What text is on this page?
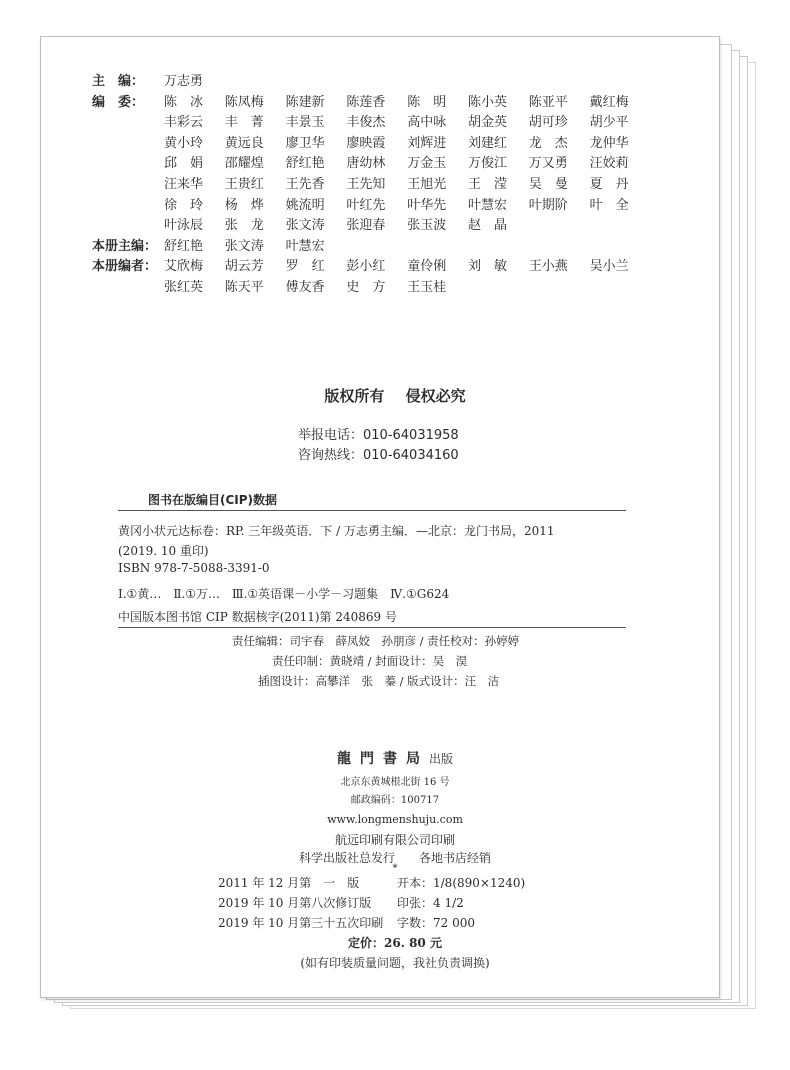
主　编： 万志勇
编　委： 陈　冰 陈凤梅 陈建新 陈莲香 陈　明 陈小英 陈亚平 戴红梅
丰彩云 丰　菁 丰景玉 丰俊杰 高中咏 胡金英 胡可珍 胡少平
黄小玲 黄远良 廖卫华 廖映霞 刘辉进 刘建红 龙　杰 龙仲华
邱　娟 邵耀煌 舒红艳 唐幼林 万金玉 万俊江 万又勇 汪姣莉
汪来华 王贵红 王先香 王先知 王旭光 王　滢 吴　曼 夏　丹
徐　玲 杨　烨 姚流明 叶红先 叶华先 叶慧宏 叶期阶 叶　全
叶泳辰 张　龙 张文涛 张迎春 张玉波 赵　晶
本册主编： 舒红艳 张文涛 叶慧宏
本册编者： 艾欣梅 胡云芳 罗　红 彭小红 童伶俐 刘　敏 王小燕 吴小兰
张红英 陈天平 傅友香 史　方 王玉桂
版权所有 侵权必究
举报电话：010-64031958
咨询热线：010-64034160
图书在版编目(CIP)数据
黄冈小状元达标卷：RP. 三年级英语．下 / 万志勇主编．—北京：龙门书局，2011
(2019. 10 重印)
ISBN 978-7-5088-3391-0
Ⅰ.①黄…　Ⅱ.①万…　Ⅲ.①英语课－小学－习题集　Ⅳ.①G624
中国版本图书馆 CIP 数据核字(2011)第 240869 号
责任编辑：司宇春　薛凤姣　孙朋彦 / 责任校对：孙婷婷
责任印制：黄晓靖 / 封面设计：吴　淏
插图设计：高攀洋　张　蓁 / 版式设计：汪　洁
龍門書局出版
北京东黄城根北街 16 号
邮政编码：100717
www.longmenshuju.com
航远印刷有限公司印刷
科学出版社总发行　　各地书店经销
*
2011 年 12 月第　一　版	开本：1/8(890×1240)
2019 年 10 月第八次修订版 印张：4 1/2
2019 年 10 月第三十五次印刷 字数：72 000
定价：26. 80 元
(如有印装质量问题，我社负责调换)
